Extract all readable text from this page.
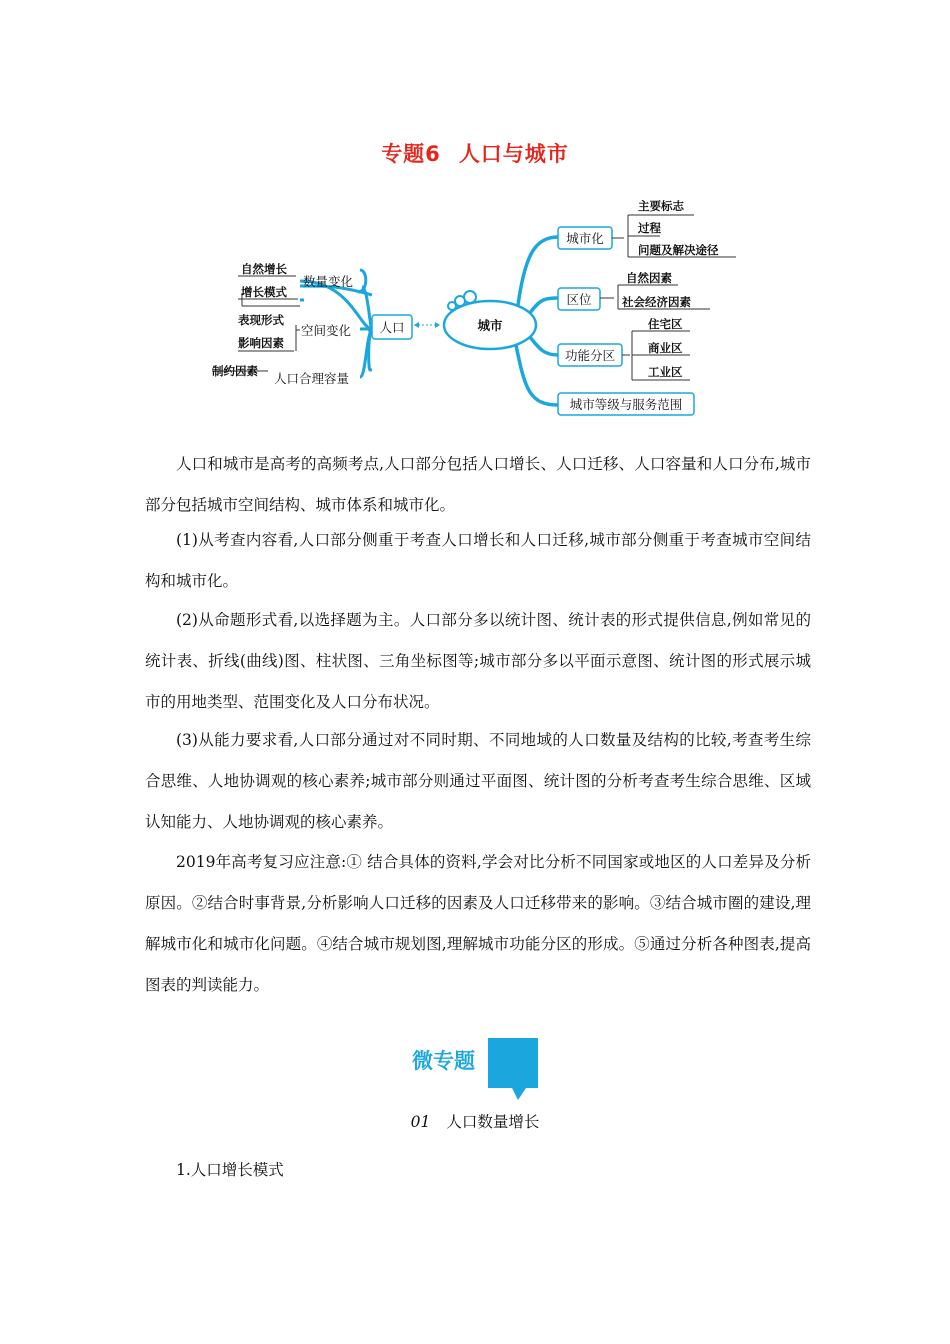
专题6 人口与城市
人口	城市
城市化
区位
功能分区
城市等级与服务范围
主要标志
过程
问题及解决途径
自然因素
社会经济因素
住宅区
商业区
工业区
数量变化
空间变化
人口合理容量
自然增长
增长模式
表现形式
影响因素
制约因素

人口和城市是高考的高频考点,人口部分包括人口增长、人口迁移、人口容量和人口分布,城市部分包括城市空间结构、城市体系和城市化。

(1)从考查内容看,人口部分侧重于考查人口增长和人口迁移,城市部分侧重于考查城市空间结构和城市化。

(2)从命题形式看,以选择题为主。人口部分多以统计图、统计表的形式提供信息,例如常见的统计表、折线(曲线)图、柱状图、三角坐标图等;城市部分多以平面示意图、统计图的形式展示城市的用地类型、范围变化及人口分布状况。

(3)从能力要求看,人口部分通过对不同时期、不同地域的人口数量及结构的比较,考查考生综合思维、人地协调观的核心素养;城市部分则通过平面图、统计图的分析考查考生综合思维、区域认知能力、人地协调观的核心素养。

2019年高考复习应注意:① 结合具体的资料,学会对比分析不同国家或地区的人口差异及分析原因。②结合时事背景,分析影响人口迁移的因素及人口迁移带来的影响。③结合城市圈的建设,理解城市化和城市化问题。④结合城市规划图,理解城市功能分区的形成。⑤通过分析各种图表,提高图表的判读能力。

微专题
01 人口数量增长
1.人口增长模式
